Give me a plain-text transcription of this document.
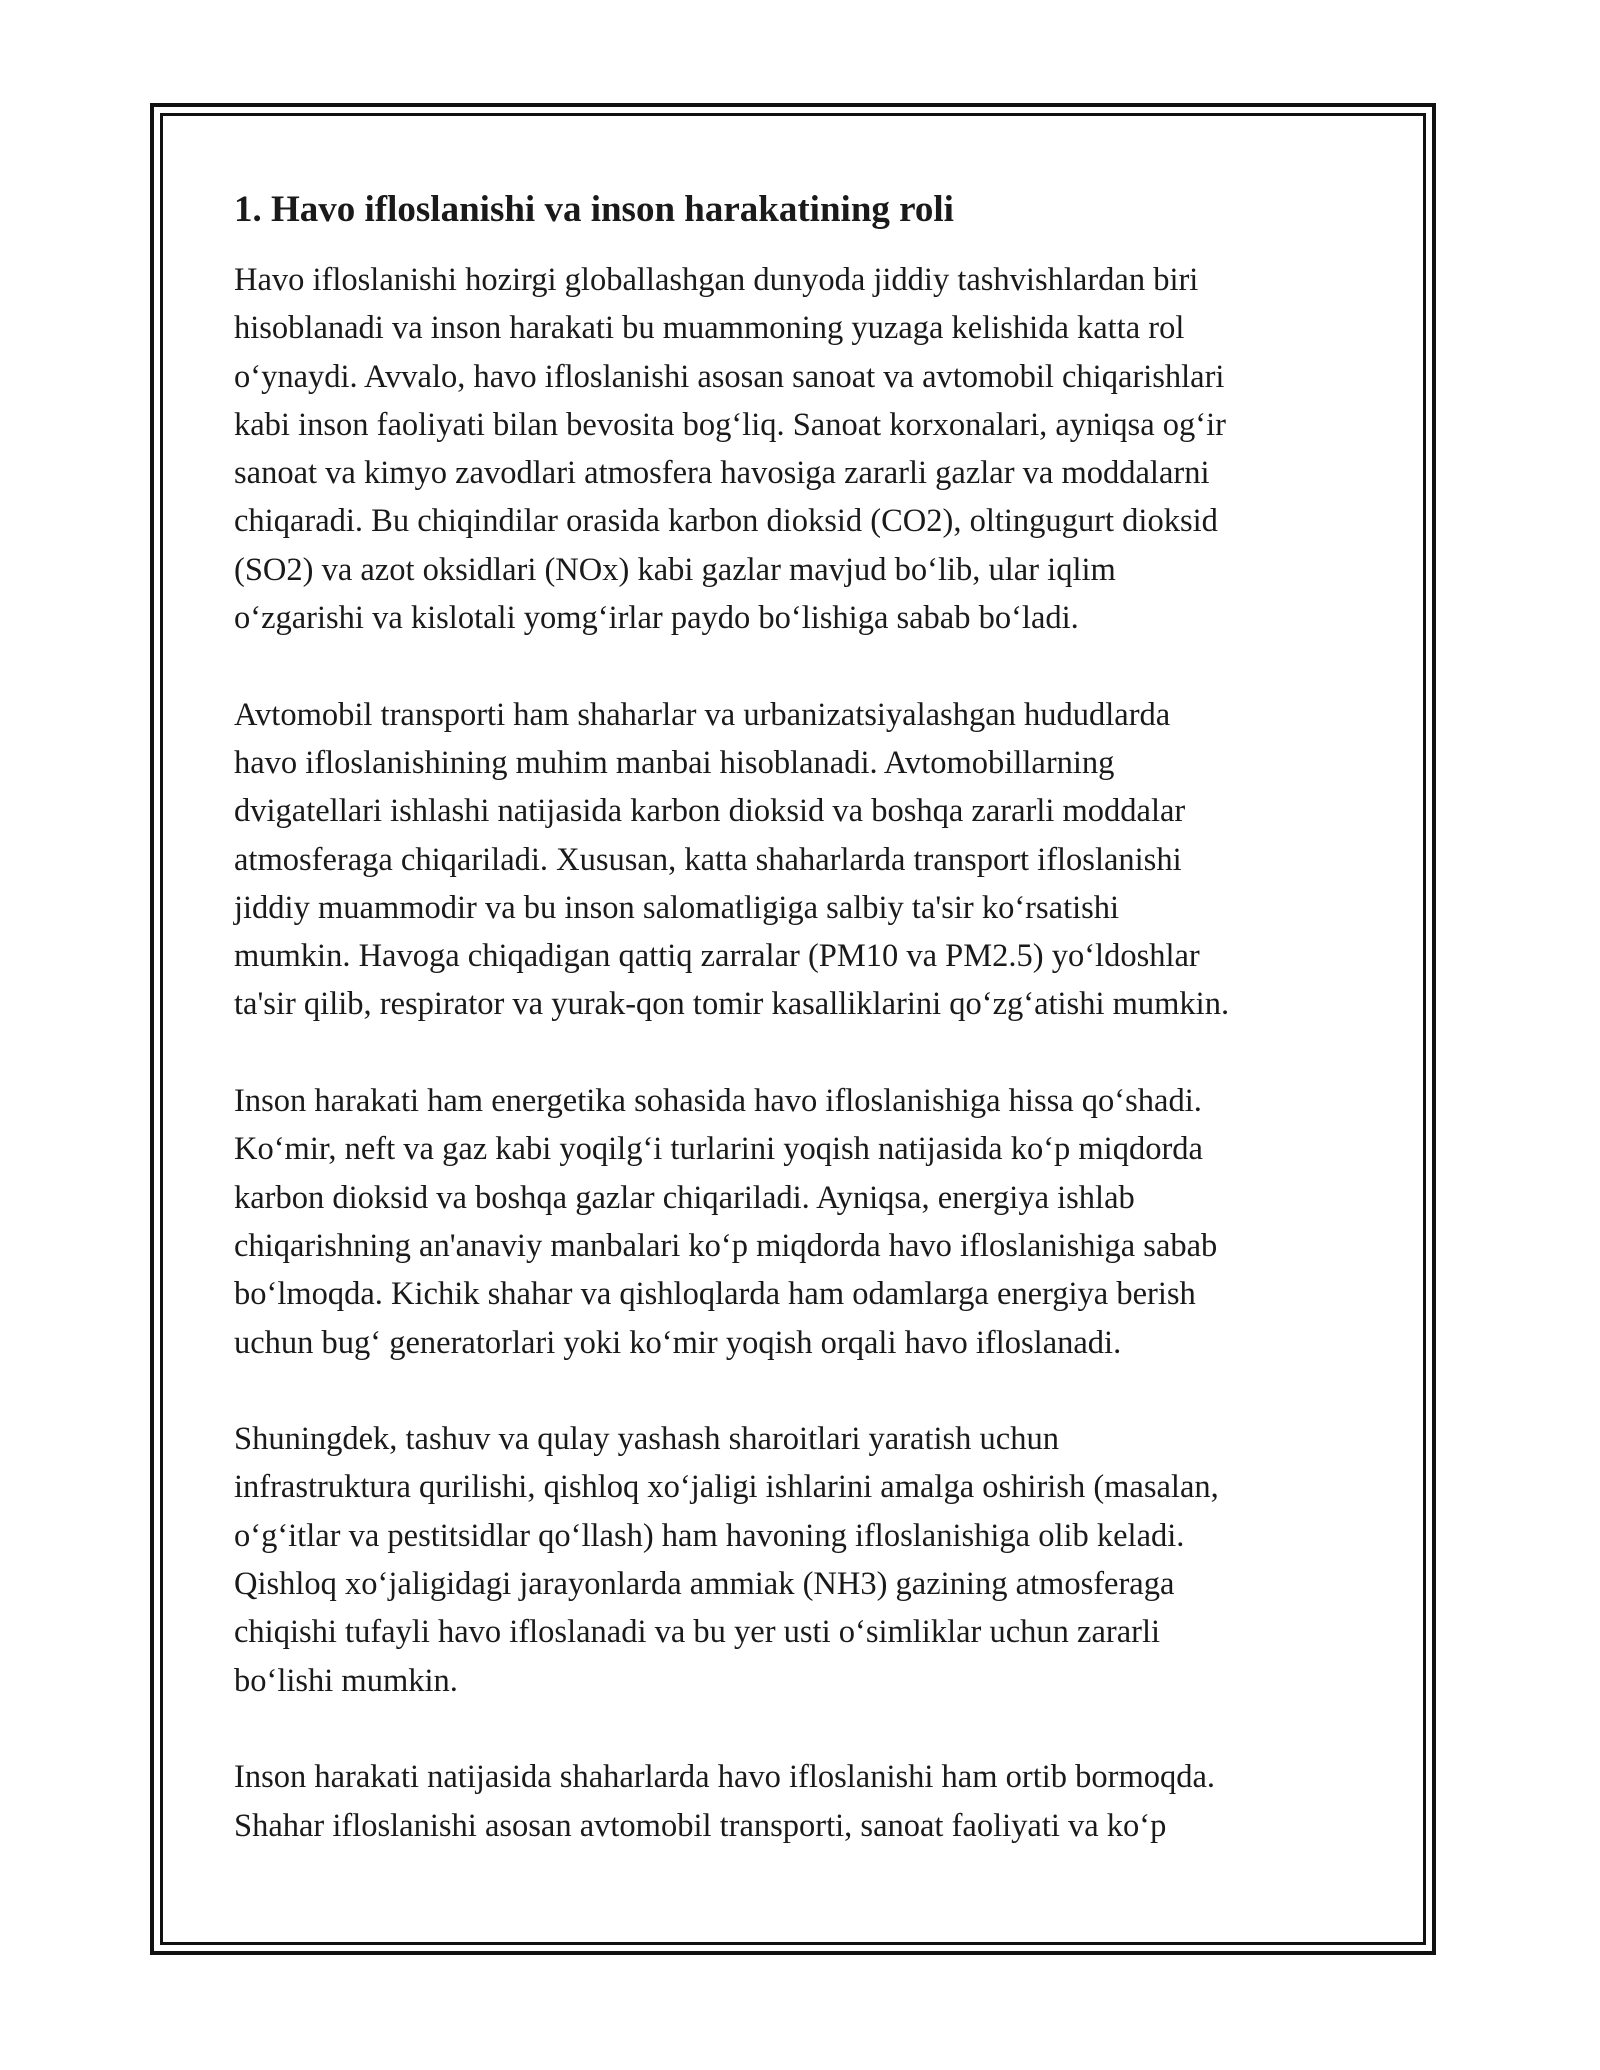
1. Havo ifloslanishi va inson harakatining roli

Havo ifloslanishi hozirgi globallashgan dunyoda jiddiy tashvishlardan biri
hisoblanadi va inson harakati bu muammoning yuzaga kelishida katta rol
o‘ynaydi. Avvalo, havo ifloslanishi asosan sanoat va avtomobil chiqarishlari
kabi inson faoliyati bilan bevosita bog‘liq. Sanoat korxonalari, ayniqsa og‘ir
sanoat va kimyo zavodlari atmosfera havosiga zararli gazlar va moddalarni
chiqaradi. Bu chiqindilar orasida karbon dioksid (CO2), oltingugurt dioksid
(SO2) va azot oksidlari (NOx) kabi gazlar mavjud bo‘lib, ular iqlim
o‘zgarishi va kislotali yomg‘irlar paydo bo‘lishiga sabab bo‘ladi.

Avtomobil transporti ham shaharlar va urbanizatsiyalashgan hududlarda
havo ifloslanishining muhim manbai hisoblanadi. Avtomobillarning
dvigatellari ishlashi natijasida karbon dioksid va boshqa zararli moddalar
atmosferaga chiqariladi. Xususan, katta shaharlarda transport ifloslanishi
jiddiy muammodir va bu inson salomatligiga salbiy ta'sir ko‘rsatishi
mumkin. Havoga chiqadigan qattiq zarralar (PM10 va PM2.5) yo‘ldoshlar
ta'sir qilib, respirator va yurak-qon tomir kasalliklarini qo‘zg‘atishi mumkin.

Inson harakati ham energetika sohasida havo ifloslanishiga hissa qo‘shadi.
Ko‘mir, neft va gaz kabi yoqilg‘i turlarini yoqish natijasida ko‘p miqdorda
karbon dioksid va boshqa gazlar chiqariladi. Ayniqsa, energiya ishlab
chiqarishning an'anaviy manbalari ko‘p miqdorda havo ifloslanishiga sabab
bo‘lmoqda. Kichik shahar va qishloqlarda ham odamlarga energiya berish
uchun bug‘ generatorlari yoki ko‘mir yoqish orqali havo ifloslanadi.

Shuningdek, tashuv va qulay yashash sharoitlari yaratish uchun
infrastruktura qurilishi, qishloq xo‘jaligi ishlarini amalga oshirish (masalan,
o‘g‘itlar va pestitsidlar qo‘llash) ham havoning ifloslanishiga olib keladi.
Qishloq xo‘jaligidagi jarayonlarda ammiak (NH3) gazining atmosferaga
chiqishi tufayli havo ifloslanadi va bu yer usti o‘simliklar uchun zararli
bo‘lishi mumkin.

Inson harakati natijasida shaharlarda havo ifloslanishi ham ortib bormoqda.
Shahar ifloslanishi asosan avtomobil transporti, sanoat faoliyati va ko‘p
